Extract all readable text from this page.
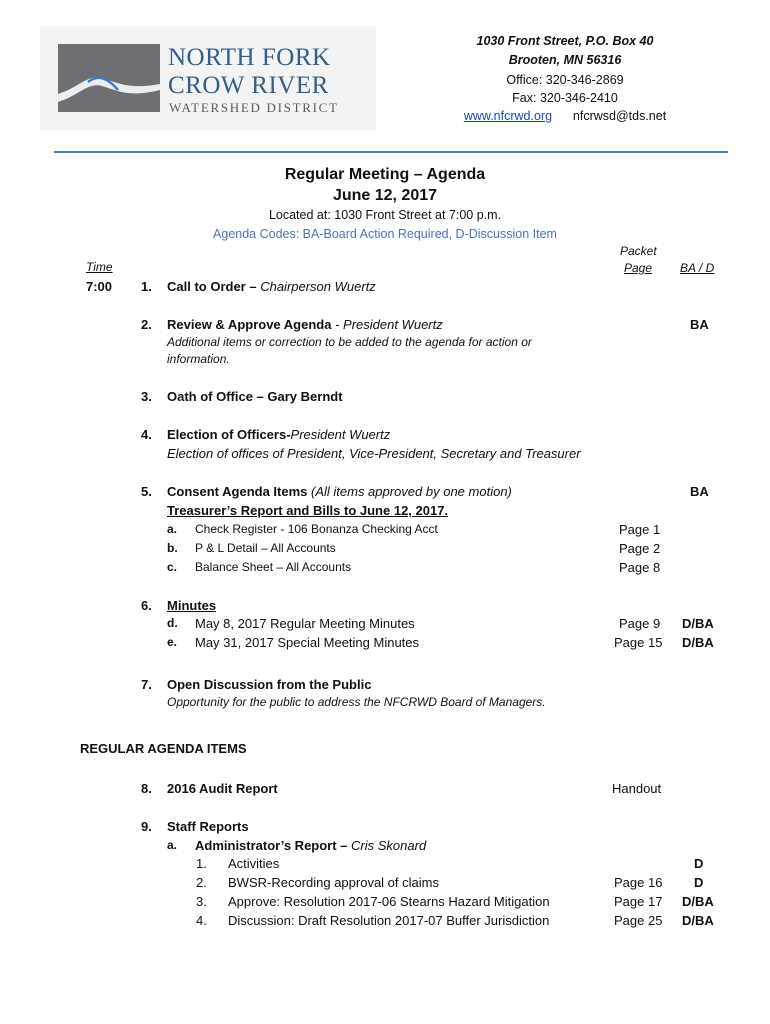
NORTH FORK
CROW RIVER
WATERSHED DISTRICT
1030 Front Street, P.O. Box 40
Brooten, MN 56316
Office: 320-346-2869
Fax: 320-346-2410
www.nfcrwd.org nfcrwsd@tds.net
Regular Meeting – Agenda
June 12, 2017
Located at: 1030 Front Street at 7:00 p.m.
Agenda Codes: BA-Board Action Required, D-Discussion Item
Time
Packet
Page BA / D
7:00 1. Call to Order – Chairperson Wuertz
2. Review & Approve Agenda - President Wuertz	BA
Additional items or correction to be added to the agenda for action or
information.
3. Oath of Office – Gary Berndt
4. Election of Officers-President Wuertz
Election of offices of President, Vice-President, Secretary and Treasurer
5. Consent Agenda Items (All items approved by one motion)	BA
Treasurer’s Report and Bills to June 12, 2017.
a. Check Register - 106 Bonanza Checking Acct	Page 1
b. P & L Detail – All Accounts	Page 2
c. Balance Sheet – All Accounts	Page 8
6. Minutes
d. May 8, 2017 Regular Meeting Minutes	Page 9 D/BA
e. May 31, 2017 Special Meeting Minutes	Page 15 D/BA
7. Open Discussion from the Public
Opportunity for the public to address the NFCRWD Board of Managers.
REGULAR AGENDA ITEMS
8. 2016 Audit Report	Handout
9. Staff Reports
a. Administrator’s Report – Cris Skonard
1. Activities	D
2. BWSR-Recording approval of claims	Page 16 D
3. Approve: Resolution 2017-06 Stearns Hazard Mitigation	Page 17 D/BA
4. Discussion: Draft Resolution 2017-07 Buffer Jurisdiction	Page 25 D/BA
